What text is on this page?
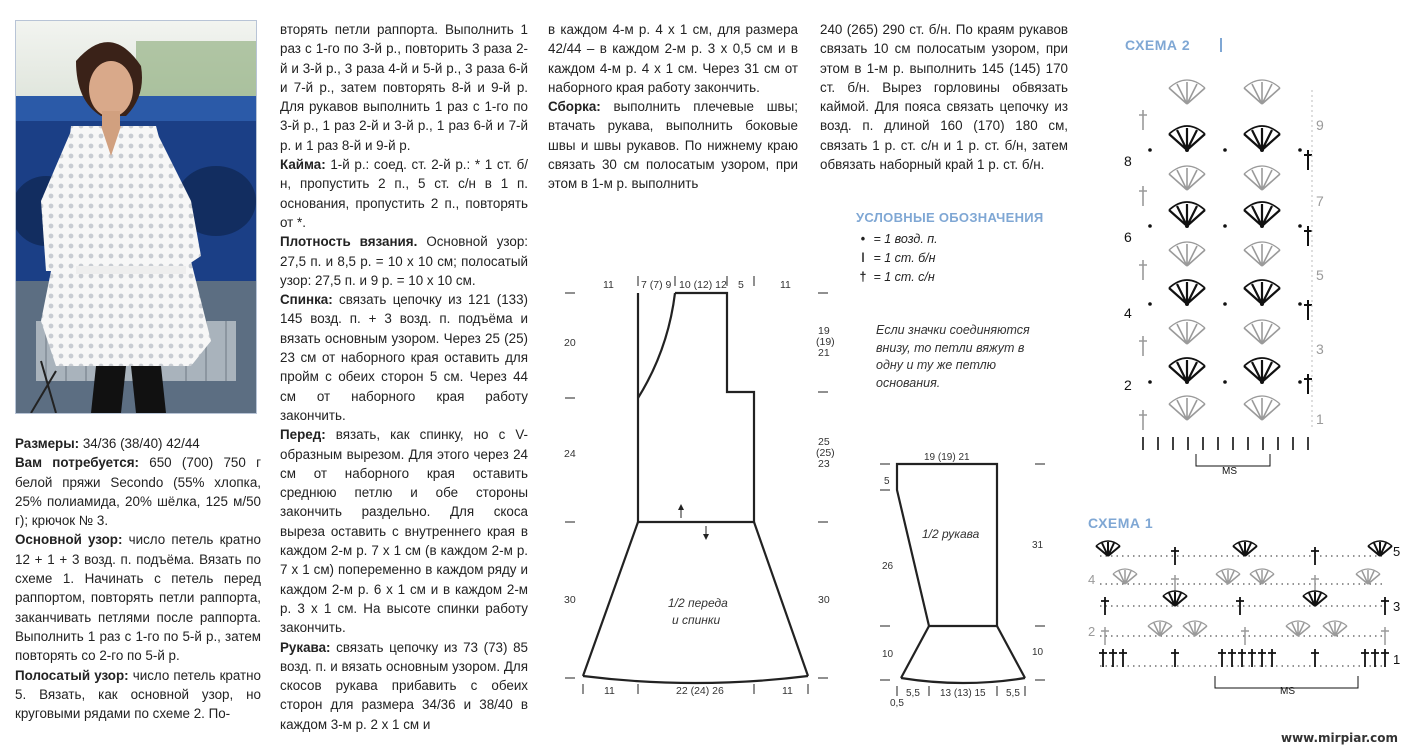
Размеры: 34/36 (38/40) 42/44

Вам потребуется: 650 (700) 750 г белой пряжи Secondo (55% хлопка, 25% полиамида, 20% шёлка, 125 м/50 г); крючок № 3.

Основной узор: число петель кратно 12 + 1 + 3 возд. п. подъёма. Вязать по схеме 1. Начинать с петель перед раппортом, повторять петли раппорта, заканчивать петлями после раппорта. Выполнить 1 раз с 1-го по 5-й р., затем повторять со 2-го по 5-й р.

Полосатый узор: число петель кратно 5. Вязать, как основной узор, но круговыми рядами по схеме 2. По-

вторять петли раппорта. Выполнить 1 раз с 1-го по 3-й р., повторить 3 раза 2-й и 3-й р., 3 раза 4-й и 5-й р., 3 раза 6-й и 7-й р., затем повторять 8-й и 9-й р. Для рукавов выполнить 1 раз с 1-го по 3-й р., 1 раз 2-й и 3-й р., 1 раз 6-й и 7-й р. и 1 раз 8-й и 9-й р.

Кайма: 1-й р.: соед. ст. 2-й р.: * 1 ст. б/н, пропустить 2 п., 5 ст. с/н в 1 п. основания, пропустить 2 п., повторять от *.

Плотность вязания. Основной узор: 27,5 п. и 8,5 р. = 10 х 10 см; полосатый узор: 27,5 п. и 9 р. = 10 х 10 см.

Спинка: связать цепочку из 121 (133) 145 возд. п. + 3 возд. п. подъёма и вязать основным узором. Через 25 (25) 23 см от наборного края оставить для пройм с обеих сторон 5 см. Через 44 см от наборного края работу закончить.

Перед: вязать, как спинку, но с V-образным вырезом. Для этого через 24 см от наборного края оставить среднюю петлю и обе стороны закончить раздельно. Для скоса выреза оставить с внутреннего края в каждом 2-м р. 7 х 1 см (в каждом 2-м р. 7 х 1 см) попеременно в каждом ряду и каждом 2-м р. 6 х 1 см и в каждом 2-м р. 3 х 1 см. На высоте спинки работу закончить.

Рукава: связать цепочку из 73 (73) 85 возд. п. и вязать основным узором. Для скосов рукава прибавить с обеих сторон для размера 34/36 и 38/40 в каждом 3-м р. 2 х 1 см и

в каждом 4-м р. 4 х 1 см, для размера 42/44 – в каждом 2-м р. 3 х 0,5 см и в каждом 4-м р. 4 х 1 см. Через 31 см от наборного края работу закончить.

Сборка: выполнить плечевые швы; втачать рукава, выполнить боковые швы и швы рукавов. По нижнему краю связать 30 см полосатым узором, при этом в 1-м р. выполнить

240 (265) 290 ст. б/н. По краям рукавов связать 10 см полосатым узором, при этом в 1-м р. выполнить 145 (145) 170 ст. б/н. Вырез горловины обвязать каймой. Для пояса связать цепочку из возд. п. длиной 160 (170) 180 см, связать 1 р. ст. с/н и 1 р. ст. б/н, затем обвязать наборный край 1 р. ст. б/н.

УСЛОВНЫЕ ОБОЗНАЧЕНИЯ
• = 1 возд. п.
ǀ = 1 ст. б/н
† = 1 ст. с/н
Если значки соединяются внизу, то петли вяжут в одну и ту же петлю основания.
11	7 (7) 9 10 (12) 12 5	11
20
24
30
19
(19)
21
25
(25)
23
30
11	22 (24) 26	11
1/2 переда
и спинки
19 (19) 21
5
26
10
31
10
5,5 13 (13) 15 5,5
0,5
1/2 рукава
СХЕМА 2
MS
9
8
7
6
5
4
3
2
1
СХЕМА 1
MS
5
4
3
2
1
www.mirpiar.com
